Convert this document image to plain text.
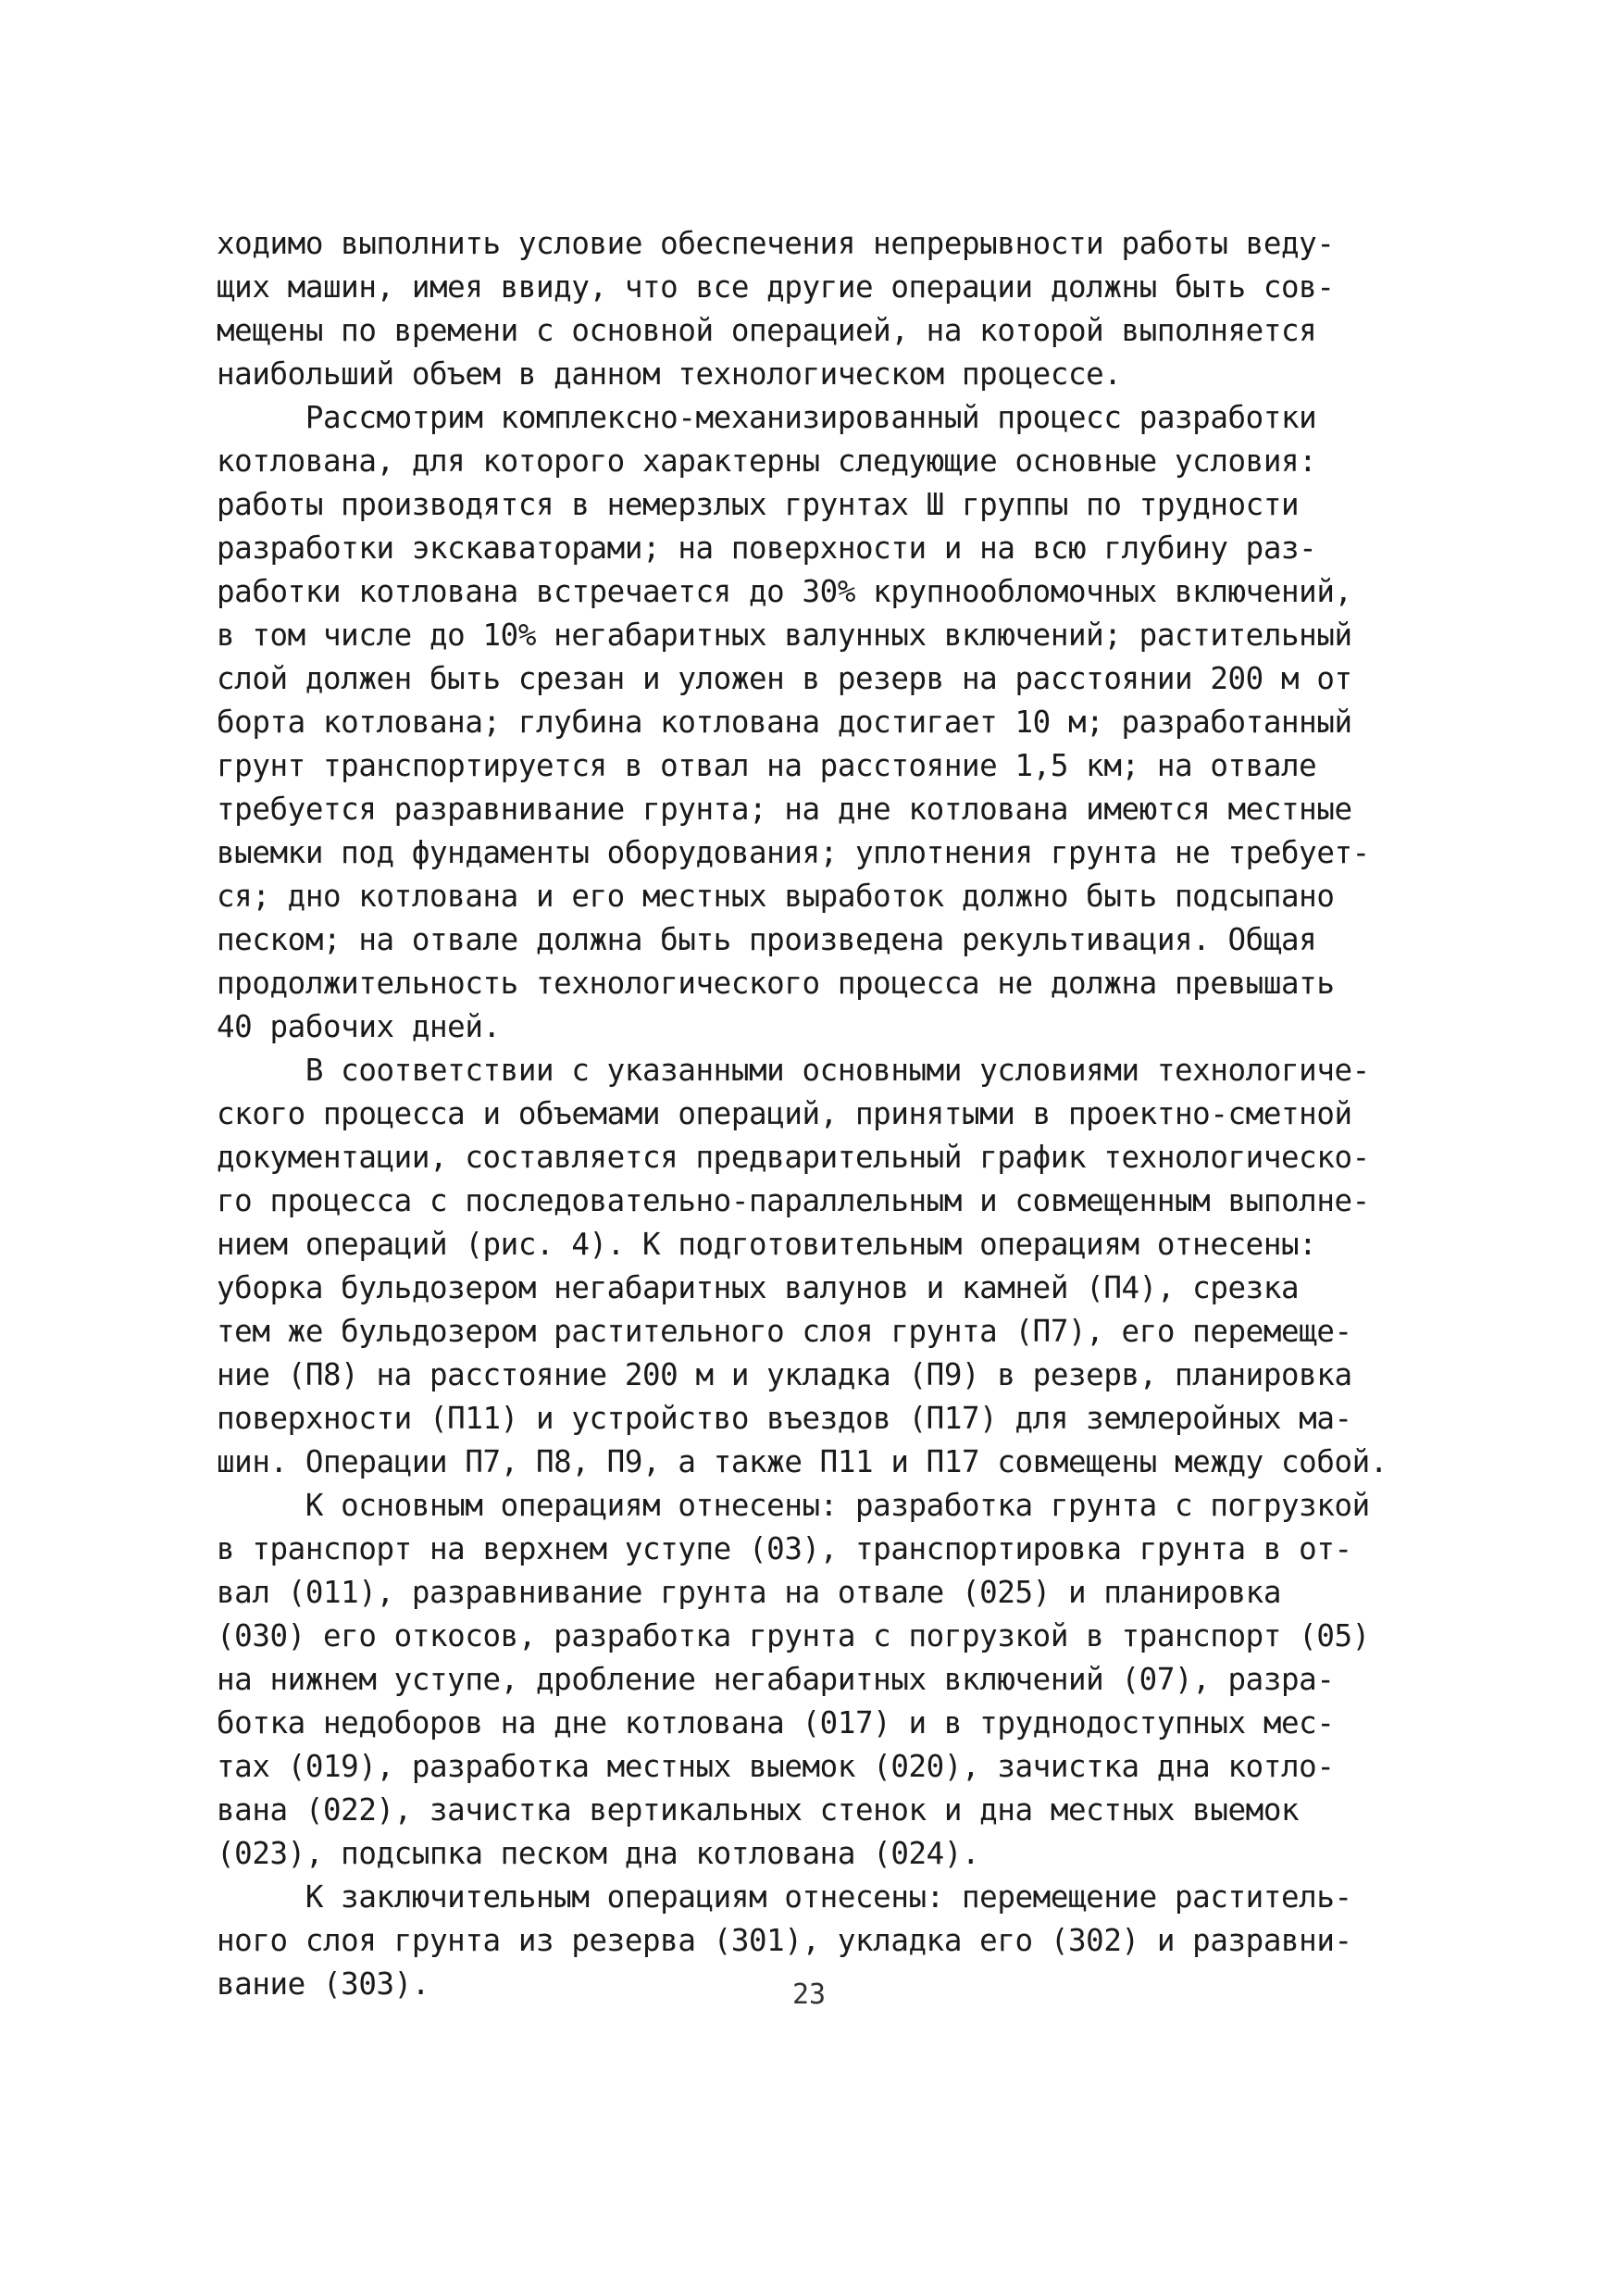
ходимо выполнить условие обеспечения непрерывности работы веду-
щих машин, имея ввиду, что все другие операции должны быть сов-
мещены по времени с основной операцией, на которой выполняется
наибольший объем в данном технологическом процессе.
Рассмотрим комплексно-механизированный процесс разработки
котлована, для которого характерны следующие основные условия:
работы производятся в немерзлых грунтах Ш группы по трудности
разработки экскаваторами; на поверхности и на всю глубину раз-
работки котлована встречается до 30% крупнообломочных включений,
в том числе до 10% негабаритных валунных включений; растительный
слой должен быть срезан и уложен в резерв на расстоянии 200 м от
борта котлована; глубина котлована достигает 10 м; разработанный
грунт транспортируется в отвал на расстояние 1,5 км; на отвале
требуется разравнивание грунта; на дне котлована имеются местные
выемки под фундаменты оборудования; уплотнения грунта не требует-
ся; дно котлована и его местных выработок должно быть подсыпано
песком; на отвале должна быть произведена рекультивация. Общая
продолжительность технологического процесса не должна превышать
40 рабочих дней.
В соответствии с указанными основными условиями технологиче-
ского процесса и объемами операций, принятыми в проектно-сметной
документации, составляется предварительный график технологическо-
го процесса с последовательно-параллельным и совмещенным выполне-
нием операций (рис. 4). К подготовительным операциям отнесены:
уборка бульдозером негабаритных валунов и камней (П4), срезка
тем же бульдозером растительного слоя грунта (П7), его перемеще-
ние (П8) на расстояние 200 м и укладка (П9) в резерв, планировка
поверхности (П11) и устройство въездов (П17) для землеройных ма-
шин. Операции П7, П8, П9, а также П11 и П17 совмещены между собой.
К основным операциям отнесены: разработка грунта с погрузкой
в транспорт на верхнем уступе (03), транспортировка грунта в от-
вал (011), разравнивание грунта на отвале (025) и планировка
(030) его откосов, разработка грунта с погрузкой в транспорт (05)
на нижнем уступе, дробление негабаритных включений (07), разра-
ботка недоборов на дне котлована (017) и в труднодоступных мес-
тах (019), разработка местных выемок (020), зачистка дна котло-
вана (022), зачистка вертикальных стенок и дна местных выемок
(023), подсыпка песком дна котлована (024).
К заключительным операциям отнесены: перемещение раститель-
ного слоя грунта из резерва (301), укладка его (302) и разравни-
вание (303).	23
